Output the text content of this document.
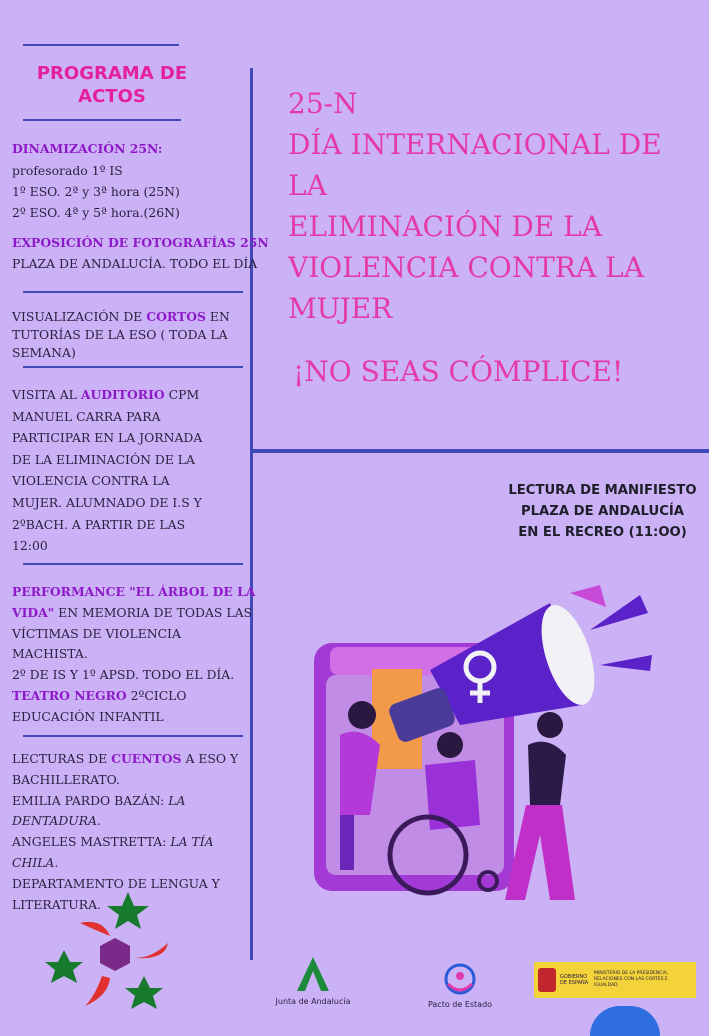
PROGRAMA DE
ACTOS
DINAMIZACIÓN 25N:
profesorado 1º IS
1º ESO. 2ª y 3ª hora (25N)
2º ESO. 4ª y 5ª hora.(26N)
EXPOSICIÓN DE FOTOGRAFÍAS 25N
PLAZA DE ANDALUCÍA. TODO EL DÍA
VISUALIZACIÓN DE CORTOS EN
TUTORÍAS DE LA ESO ( TODA LA
SEMANA)
VISITA AL AUDITORIO CPM
MANUEL CARRA PARA
PARTICIPAR EN LA JORNADA
DE LA ELIMINACIÓN DE LA
VIOLENCIA CONTRA LA
MUJER. ALUMNADO DE I.S Y
2ºBACH. A PARTIR DE LAS
12:00
PERFORMANCE "EL ÁRBOL DE LA
VIDA" EN MEMORIA DE TODAS LAS
VÍCTIMAS DE VIOLENCIA
MACHISTA.
2º DE IS Y 1º APSD. TODO EL DÍA.
TEATRO NEGRO 2ºCICLO
EDUCACIÓN INFANTIL
LECTURAS DE CUENTOS A ESO Y
BACHILLERATO.
EMILIA PARDO BAZÁN: LA
DENTADURA.
ANGELES MASTRETTA: LA TÍA
CHILA.
DEPARTAMENTO DE LENGUA Y
LITERATURA.
25-N
DÍA INTERNACIONAL DE LA
ELIMINACIÓN DE LA
VIOLENCIA CONTRA LA
MUJER
¡NO SEAS CÓMPLICE!
LECTURA DE MANIFIESTO
PLAZA DE ANDALUCÍA
EN EL RECREO (11:OO)
Junta de Andalucía	Pacto de Estado
GOBIERNO DE ESPAÑA
MINISTERIO DE LA PRESIDENCIA, RELACIONES CON LAS CORTES E IGUALDAD
